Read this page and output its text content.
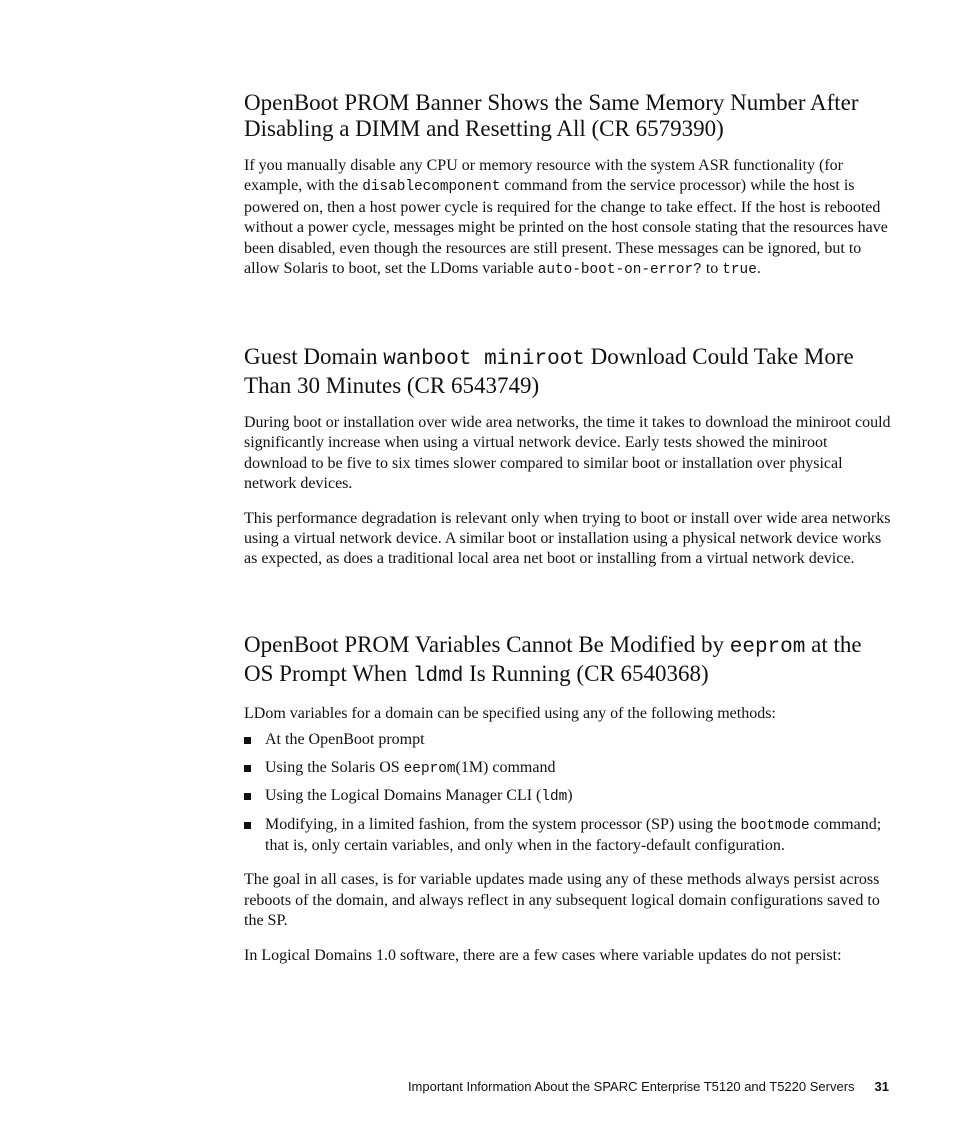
OpenBoot PROM Banner Shows the Same Memory Number After Disabling a DIMM and Resetting All (CR 6579390)

If you manually disable any CPU or memory resource with the system ASR functionality (for example, with the disablecomponent command from the service processor) while the host is powered on, then a host power cycle is required for the change to take effect. If the host is rebooted without a power cycle, messages might be printed on the host console stating that the resources have been disabled, even though the resources are still present. These messages can be ignored, but to allow Solaris to boot, set the LDoms variable auto-boot-on-error? to true.

Guest Domain wanboot miniroot Download Could Take More Than 30 Minutes (CR 6543749)

During boot or installation over wide area networks, the time it takes to download the miniroot could significantly increase when using a virtual network device. Early tests showed the miniroot download to be five to six times slower compared to similar boot or installation over physical network devices.

This performance degradation is relevant only when trying to boot or install over wide area networks using a virtual network device. A similar boot or installation using a physical network device works as expected, as does a traditional local area net boot or installing from a virtual network device.

OpenBoot PROM Variables Cannot Be Modified by eeprom at the OS Prompt When ldmd Is Running (CR 6540368)

LDom variables for a domain can be specified using any of the following methods:

At the OpenBoot prompt
Using the Solaris OS eeprom(1M) command
Using the Logical Domains Manager CLI (ldm)
Modifying, in a limited fashion, from the system processor (SP) using the bootmode command; that is, only certain variables, and only when in the factory-default configuration.

The goal in all cases, is for variable updates made using any of these methods always persist across reboots of the domain, and always reflect in any subsequent logical domain configurations saved to the SP.

In Logical Domains 1.0 software, there are a few cases where variable updates do not persist:

Important Information About the SPARC Enterprise T5120 and T5220 Servers 31
